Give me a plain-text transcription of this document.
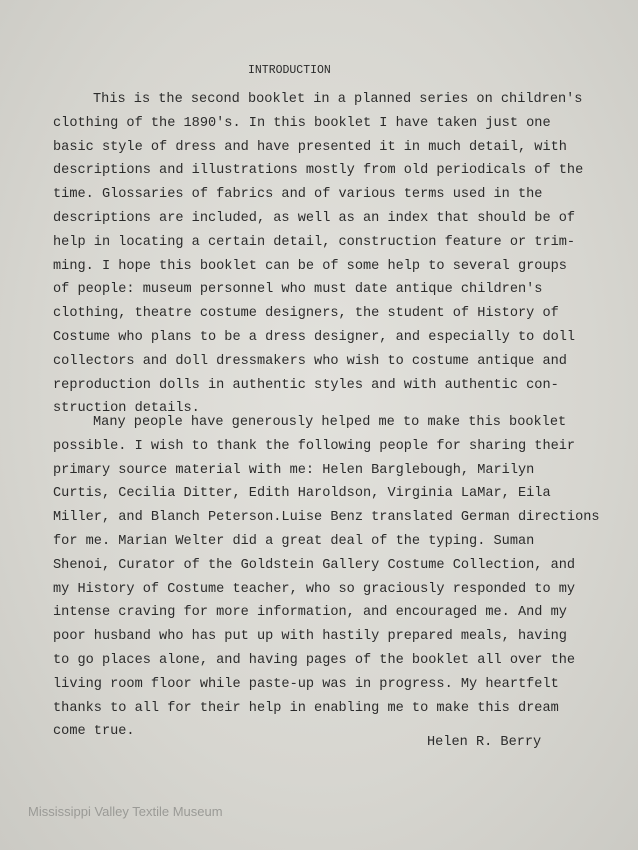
INTRODUCTION
This is the second booklet in a planned series on children's
clothing of the 1890's. In this booklet I have taken just one
basic style of dress and have presented it in much detail, with
descriptions and illustrations mostly from old periodicals of the
time. Glossaries of fabrics and of various terms used in the
descriptions are included, as well as an index that should be of
help in locating a certain detail, construction feature or trim-
ming. I hope this booklet can be of some help to several groups
of people: museum personnel who must date antique children's
clothing, theatre costume designers, the student of History of
Costume who plans to be a dress designer, and especially to doll
collectors and doll dressmakers who wish to costume antique and
reproduction dolls in authentic styles and with authentic con-
struction details.
Many people have generously helped me to make this booklet
possible. I wish to thank the following people for sharing their
primary source material with me: Helen Barglebough, Marilyn
Curtis, Cecilia Ditter, Edith Haroldson, Virginia LaMar, Eila
Miller, and Blanch Peterson.Luise Benz translated German directions
for me. Marian Welter did a great deal of the typing. Suman
Shenoi, Curator of the Goldstein Gallery Costume Collection, and
my History of Costume teacher, who so graciously responded to my
intense craving for more information, and encouraged me. And my
poor husband who has put up with hastily prepared meals, having
to go places alone, and having pages of the booklet all over the
living room floor while paste-up was in progress. My heartfelt
thanks to all for their help in enabling me to make this dream
come true.
Helen R. Berry
Mississippi Valley Textile Museum
